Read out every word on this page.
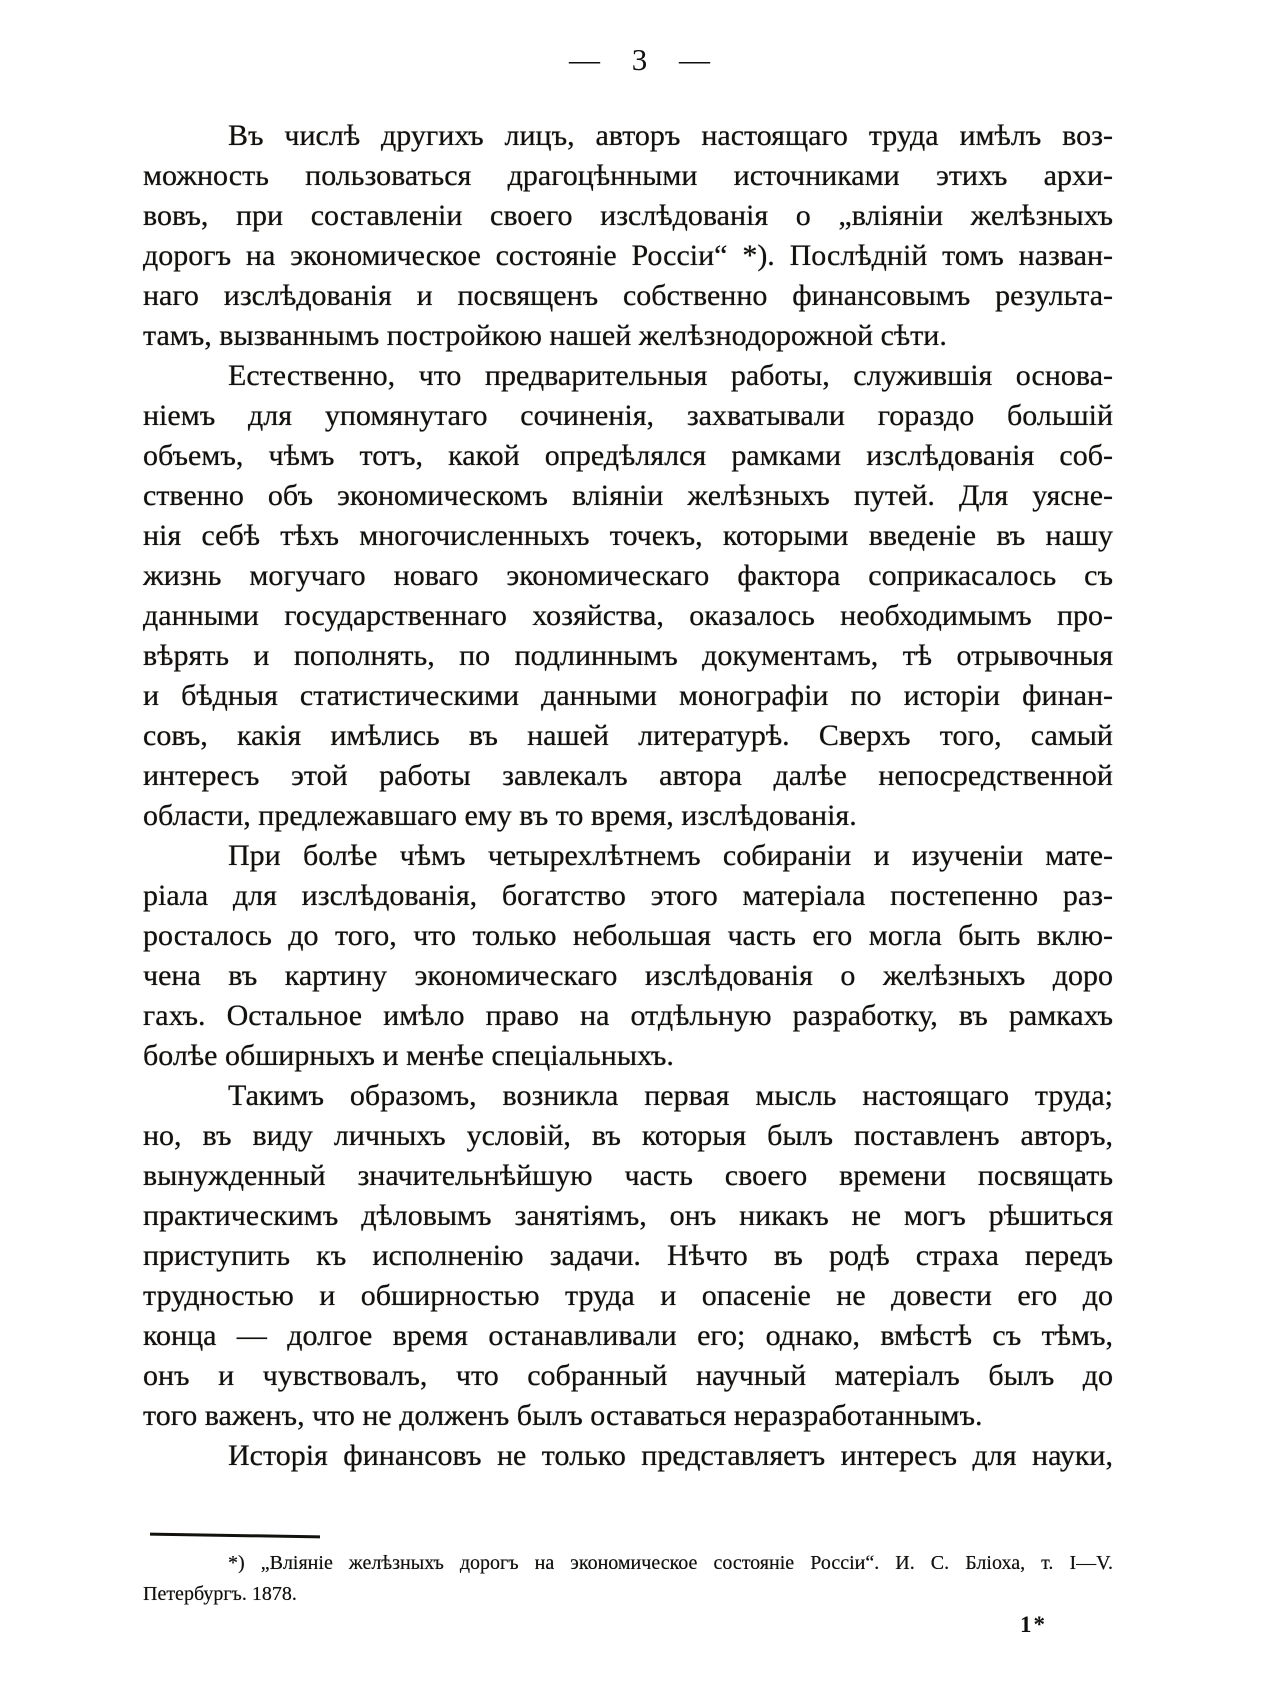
— 3 —
Въ числѣ другихъ лицъ, авторъ настоящаго труда имѣлъ воз-
можность пользоваться драгоцѣнными источниками этихъ архи-
вовъ, при составленіи своего изслѣдованія о „вліяніи желѣзныхъ
дорогъ на экономическое состояніе Россіи“ *). Послѣдній томъ назван-
наго изслѣдованія и посвященъ собственно финансовымъ результа-
тамъ, вызваннымъ постройкою нашей желѣзнодорожной сѣти.
Естественно, что предварительныя работы, служившія основа-
ніемъ для упомянутаго сочиненія, захватывали гораздо большій
объемъ, чѣмъ тотъ, какой опредѣлялся рамками изслѣдованія соб-
ственно объ экономическомъ вліяніи желѣзныхъ путей. Для уясне-
нія себѣ тѣхъ многочисленныхъ точекъ, которыми введеніе въ нашу
жизнь могучаго новаго экономическаго фактора соприкасалось съ
данными государственнаго хозяйства, оказалось необходимымъ про-
вѣрять и пополнять, по подлиннымъ документамъ, тѣ отрывочныя
и бѣдныя статистическими данными монографіи по исторіи финан-
совъ, какія имѣлись въ нашей литературѣ. Сверхъ того, самый
интересъ этой работы завлекалъ автора далѣе непосредственной
области, предлежавшаго ему въ то время, изслѣдованія.
При болѣе чѣмъ четырехлѣтнемъ собираніи и изученіи мате-
ріала для изслѣдованія, богатство этого матеріала постепенно раз-
росталось до того, что только небольшая часть его могла быть вклю-
чена въ картину экономическаго изслѣдованія о желѣзныхъ доро
гахъ. Остальное имѣло право на отдѣльную разработку, въ рамкахъ
болѣе обширныхъ и менѣе спеціальныхъ.
Такимъ образомъ, возникла первая мысль настоящаго труда;
но, въ виду личныхъ условій, въ которыя былъ поставленъ авторъ,
вынужденный значительнѣйшую часть своего времени посвящать
практическимъ дѣловымъ занятіямъ, онъ никакъ не могъ рѣшиться
приступить къ исполненію задачи. Нѣчто въ родѣ страха передъ
трудностью и обширностью труда и опасеніе не довести его до
конца — долгое время останавливали его; однако, вмѣстѣ съ тѣмъ,
онъ и чувствовалъ, что собранный научный матеріалъ былъ до
того важенъ, что не долженъ былъ оставаться неразработаннымъ.
Исторія финансовъ не только представляетъ интересъ для науки,
*) „Вліяніе желѣзныхъ дорогъ на экономическое состояніе Россіи“. И. С. Бліоха, т. I—V.
Петербургъ. 1878.
1*
